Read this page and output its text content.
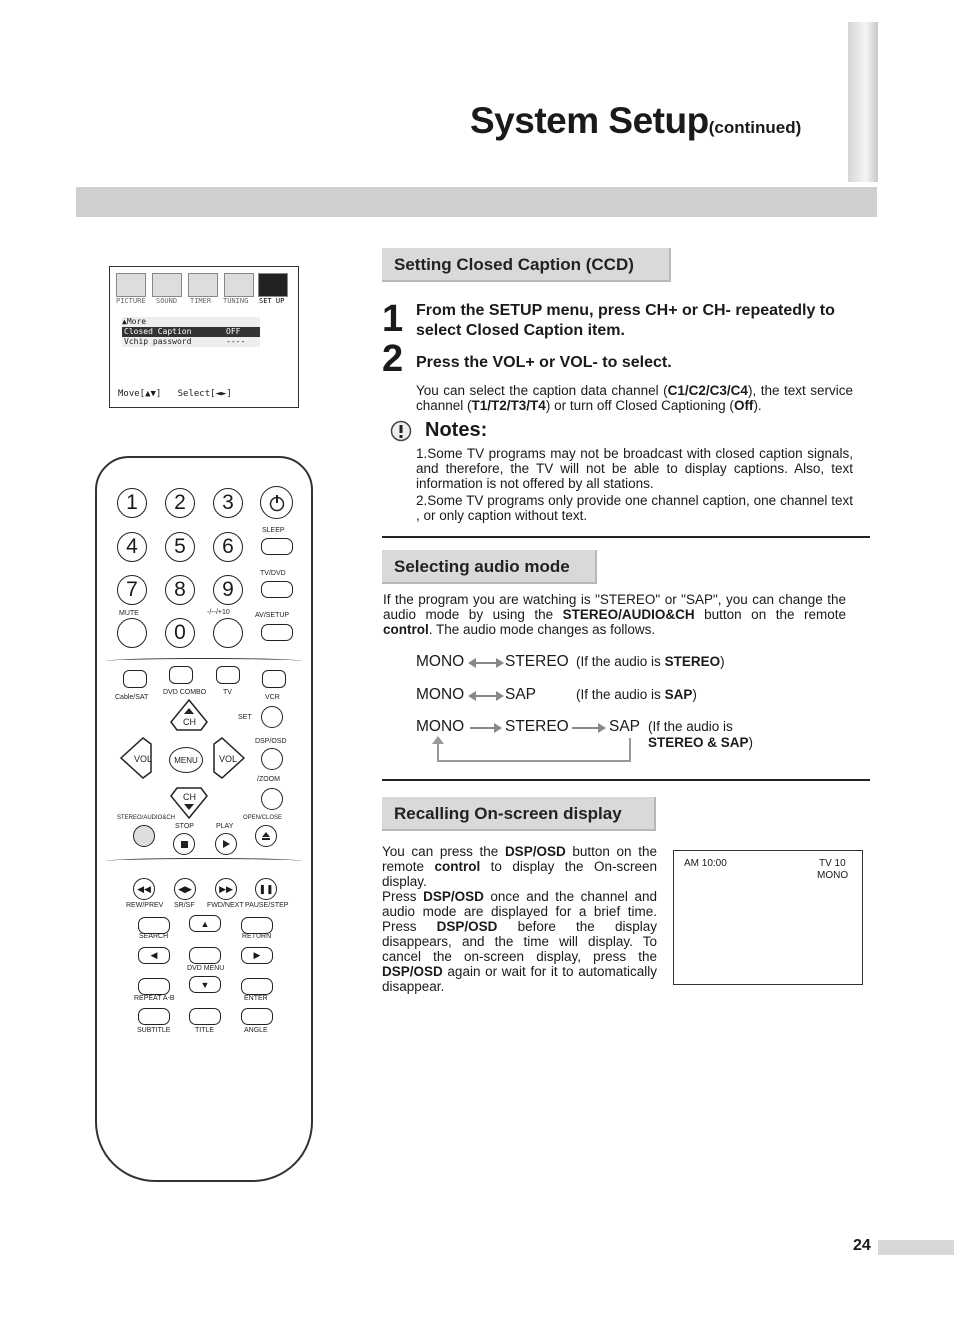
System Setup(continued)
PICTURE SOUND TIMER TUNING SET UP
▲More
Closed Caption	OFF
Vchip password	----
Move[▲▼]   Select[◄►]
Setting Closed Caption (CCD)
1 From the SETUP menu, press CH+ or CH- repeatedly to select Closed Caption item.
2 Press the VOL+ or VOL- to select.
You can select the caption data channel (C1/C2/C3/C4), the text service channel (T1/T2/T3/T4) or turn off Closed Captioning (Off).
Notes:
1.Some TV programs may not be broadcast with closed caption signals, and therefore, the TV will not be able to display captions. Also, text information is not offered by all stations.
2.Some TV programs only provide one channel caption, one channel text , or only caption without text.
Selecting audio mode
If the program you are watching is "STEREO" or "SAP", you can change the audio mode by using the STEREO/AUDIO&CH button on the remote control. The audio mode changes as follows.
MONO	STEREO (If the audio is STEREO)
MONO	SAP	(If the audio is SAP)
MONO	STEREO	SAP (If the audio is
STEREO & SAP)
Recalling On-screen display
You can press the DSP/OSD button on the remote control to display the On-screen display.
Press DSP/OSD once and the channel and audio mode are displayed for a brief time. Press DSP/OSD before the display disappears, and the time will display. To cancel the on-screen display, press the DSP/OSD again or wait for it to automatically disappear.
AM 10:00	TV 10
MONO
1	2	3
4	5	6
7	8	9
0
SLEEP
TV/DVD
MUTE	-/--/+10	AV/SETUP
Cable/SAT
DVD COMBO TV
VCR
CH
VOL	VOL
MENU
CH
SET
DSP/OSD
/ZOOM
STEREO/AUDIO&CH
STOP	PLAY
OPEN/CLOSE
◀◀	◀▶	▶▶	❚❚
REW/PREV SR/SF FWD/NEXT PAUSE/STEP
▲
SEARCH	RETURN
◀	▶
DVD MENU
▼
REPEAT A-B	ENTER
SUBTITLE	TITLE	ANGLE
24
